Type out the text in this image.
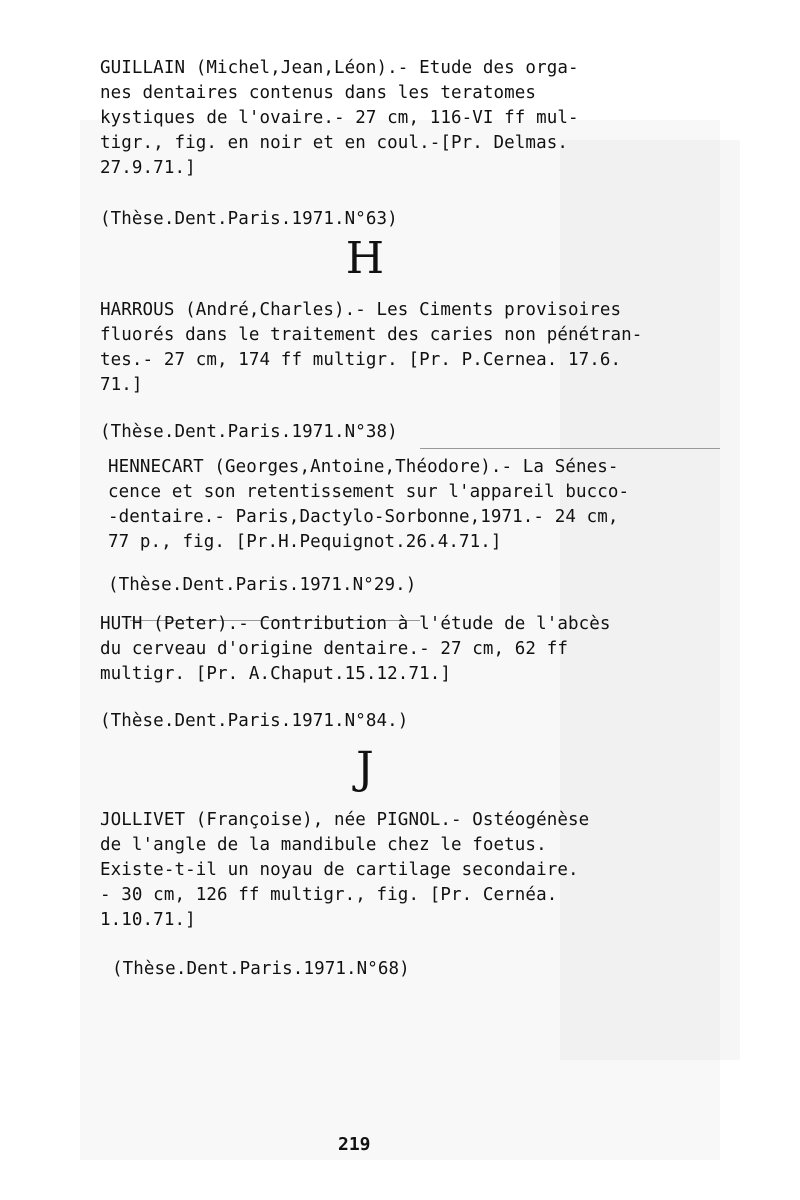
GUILLAIN (Michel,Jean,Léon).- Etude des orga-
nes dentaires contenus dans les teratomes
kystiques de l'ovaire.- 27 cm, 116-VI ff mul-
tigr., fig. en noir et en coul.-[Pr. Delmas.
27.9.71.]

(Thèse.Dent.Paris.1971.N°63)

H

HARROUS (André,Charles).- Les Ciments provisoires
fluorés dans le traitement des caries non pénétran-
tes.- 27 cm, 174 ff multigr. [Pr. P.Cernea. 17.6.
71.]

(Thèse.Dent.Paris.1971.N°38)

HENNECART (Georges,Antoine,Théodore).- La Sénes-
cence et son retentissement sur l'appareil bucco-
-dentaire.- Paris,Dactylo-Sorbonne,1971.- 24 cm,
77 p., fig. [Pr.H.Pequignot.26.4.71.]

(Thèse.Dent.Paris.1971.N°29.)

HUTH (Peter).- Contribution à l'étude de l'abcès
du cerveau d'origine dentaire.- 27 cm, 62 ff
multigr. [Pr. A.Chaput.15.12.71.]

(Thèse.Dent.Paris.1971.N°84.)

J

JOLLIVET (Françoise), née PIGNOL.- Ostéogénèse
de l'angle de la mandibule chez le foetus.
Existe-t-il un noyau de cartilage secondaire.
- 30 cm, 126 ff multigr., fig. [Pr. Cernéa.
1.10.71.]

(Thèse.Dent.Paris.1971.N°68)

219
